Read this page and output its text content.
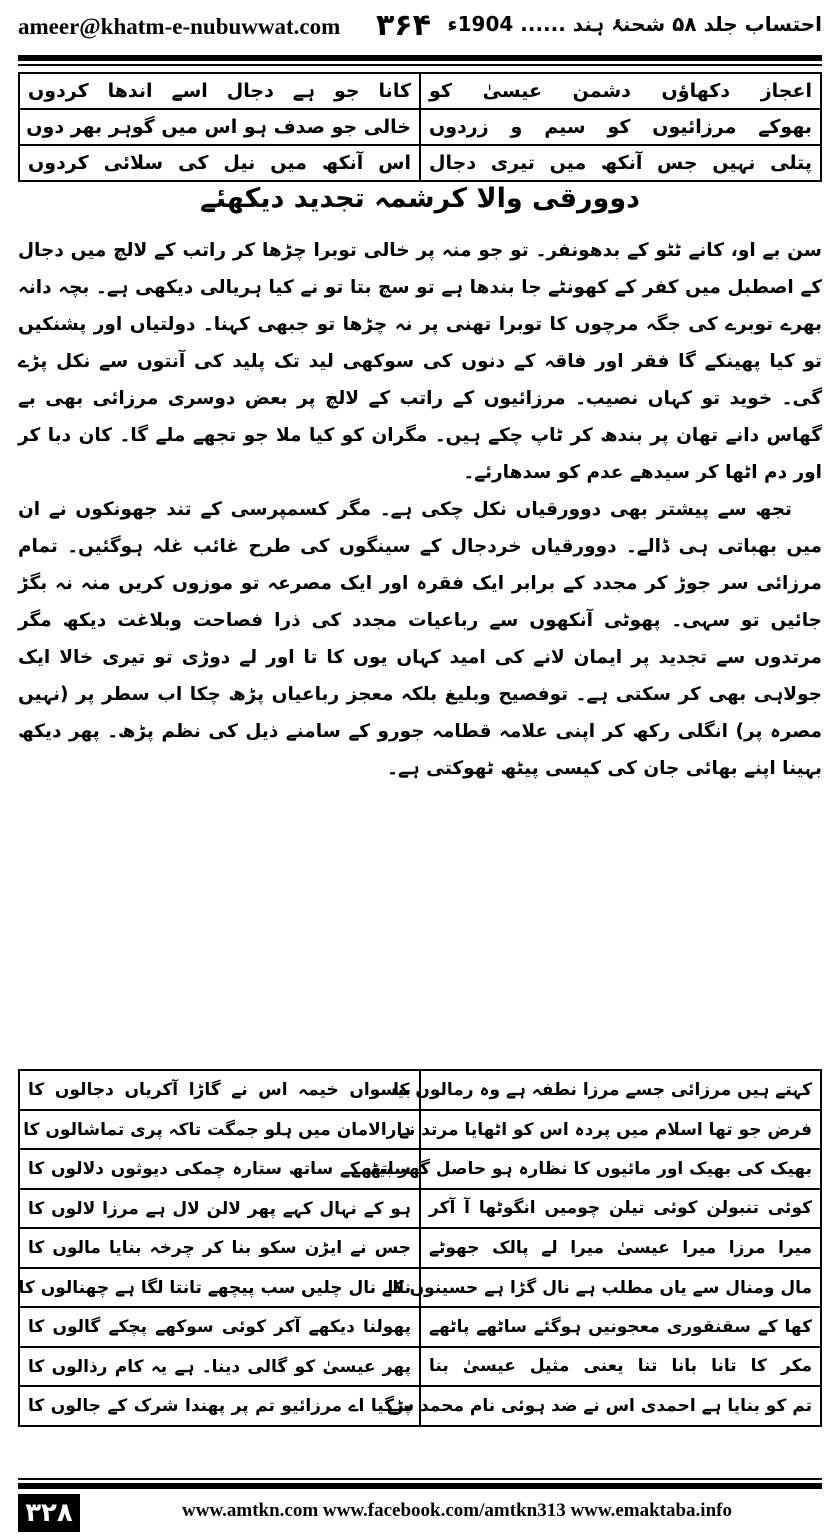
ameer@khatm-e-nubuwwat.com ۳۶۴ احتساب جلد ۵۸ شحنۂ ہند ...... 1904ء
اعجاز دکھاؤں دشمن عیسیٰ کو	کانا جو ہے دجال اسے اندھا کردوں
بھوکے مرزائیوں کو سیم و زردوں	خالی جو صدف ہو اس میں گوہر بھر دوں
پتلی نہیں جس آنکھ میں تیری دجال	اس آنکھ میں نیل کی سلائی کردوں
دوورقی والا کرشمہ تجدید دیکھئے

سن بے او، کانے ٹٹو کے بدھونفر۔ تو جو منہ پر خالی توبرا چڑھا کر راتب کے لالچ میں دجال کے اصطبل میں کفر کے کھونٹے جا بندھا ہے تو سچ بتا تو نے کیا ہریالی دیکھی ہے۔ بچہ دانہ بھرے توبرے کی جگہ مرچوں کا توبرا تھنی پر نہ چڑھا تو جبھی کہنا۔ دولتیاں اور پشنکیں تو کیا پھینکے گا فقر اور فاقہ کے دنوں کی سوکھی لید تک پلید کی آنتوں سے نکل پڑے گی۔ خوید تو کہاں نصیب۔ مرزائیوں کے راتب کے لالچ پر بعض دوسری مرزائی بھی بے گھاس دانے تھان پر بندھ کر ٹاپ چکے ہیں۔ مگران کو کیا ملا جو تجھے ملے گا۔ کان دبا کر اور دم اٹھا کر سیدھے عدم کو سدھارئے۔

تجھ سے پیشتر بھی دوورقیاں نکل چکی ہے۔ مگر کسمپرسی کے تند جھونکوں نے ان میں بھباتی ہی ڈالے۔ دوورقیاں خردجال کے سینگوں کی طرح غائب غلہ ہوگئیں۔ تمام مرزائی سر جوڑ کر مجدد کے برابر ایک فقرہ اور ایک مصرعہ تو موزوں کریں منہ نہ بگڑ جائیں تو سہی۔ پھوٹی آنکھوں سے رباعیات مجدد کی ذرا فصاحت وبلاغت دیکھ مگر مرتدوں سے تجدید پر ایمان لانے کی امید کہاں یوں کا تا اور لے دوڑی تو تیری خالا ایک جولاہی بھی کر سکتی ہے۔ توفصیح وبلیغ بلکہ معجز رباعیاں پڑھ چکا اب سطر پر (نہیں مصرہ پر) انگلی رکھ کر اپنی علامہ قطامہ جورو کے سامنے ذیل کی نظم پڑھ۔ پھر دیکھ بہینا اپنے بھائی جان کی کیسی پیٹھ ٹھوکتی ہے۔

کہتے ہیں مرزائی جسے مرزا نطفہ ہے وہ رمالوں کا	بیسواں خیمہ اس نے گاڑا آکریاں دجالوں کا
فرض جو تھا اسلام میں پردہ اس کو اٹھایا مرتد نے	دارالامان میں ہلو جمگت تاکہ پری تماشالوں کا
بھیک کی بھیک اور مائیوں کا نظارہ ہو حاصل گھر بیٹھے	ساتھ کے ساتھ ستارہ چمکی دیوثوں دلالوں کا
کوئی تنبولن کوئی تیلن چومیں انگوٹھا آ آکر	ہو کے نہال کہے پھر لالن لال ہے مرزا لالوں کا
میرا مرزا میرا عیسیٰ میرا لے پالک جھوٹے	جس نے ایڑن سکو بنا کر چرخہ بنایا مالوں کا
مال ومنال سے یاں مطلب ہے نال گڑا ہے حسینوں کا	نالے نال چلیں سب پیچھے تانتا لگا ہے چھنالوں کا
کھا کے سقنقوری معجونیں ہوگئے ساٹھے پاٹھے	پھولنا دیکھے آکر کوئی سوکھے پچکے گالوں کا
مکر کا تانا بانا تنا یعنی مثیل عیسیٰ بنا	پھر عیسیٰ کو گالی دینا۔ ہے یہ کام رذالوں کا
تم کو بنایا ہے احمدی اس نے ضد ہوئی نام محمد سے	پڑگیا اے مرزائیو تم پر پھندا شرک کے جالوں کا
۳۲۸	www.amtkn.com www.facebook.com/amtkn313 www.emaktaba.info
